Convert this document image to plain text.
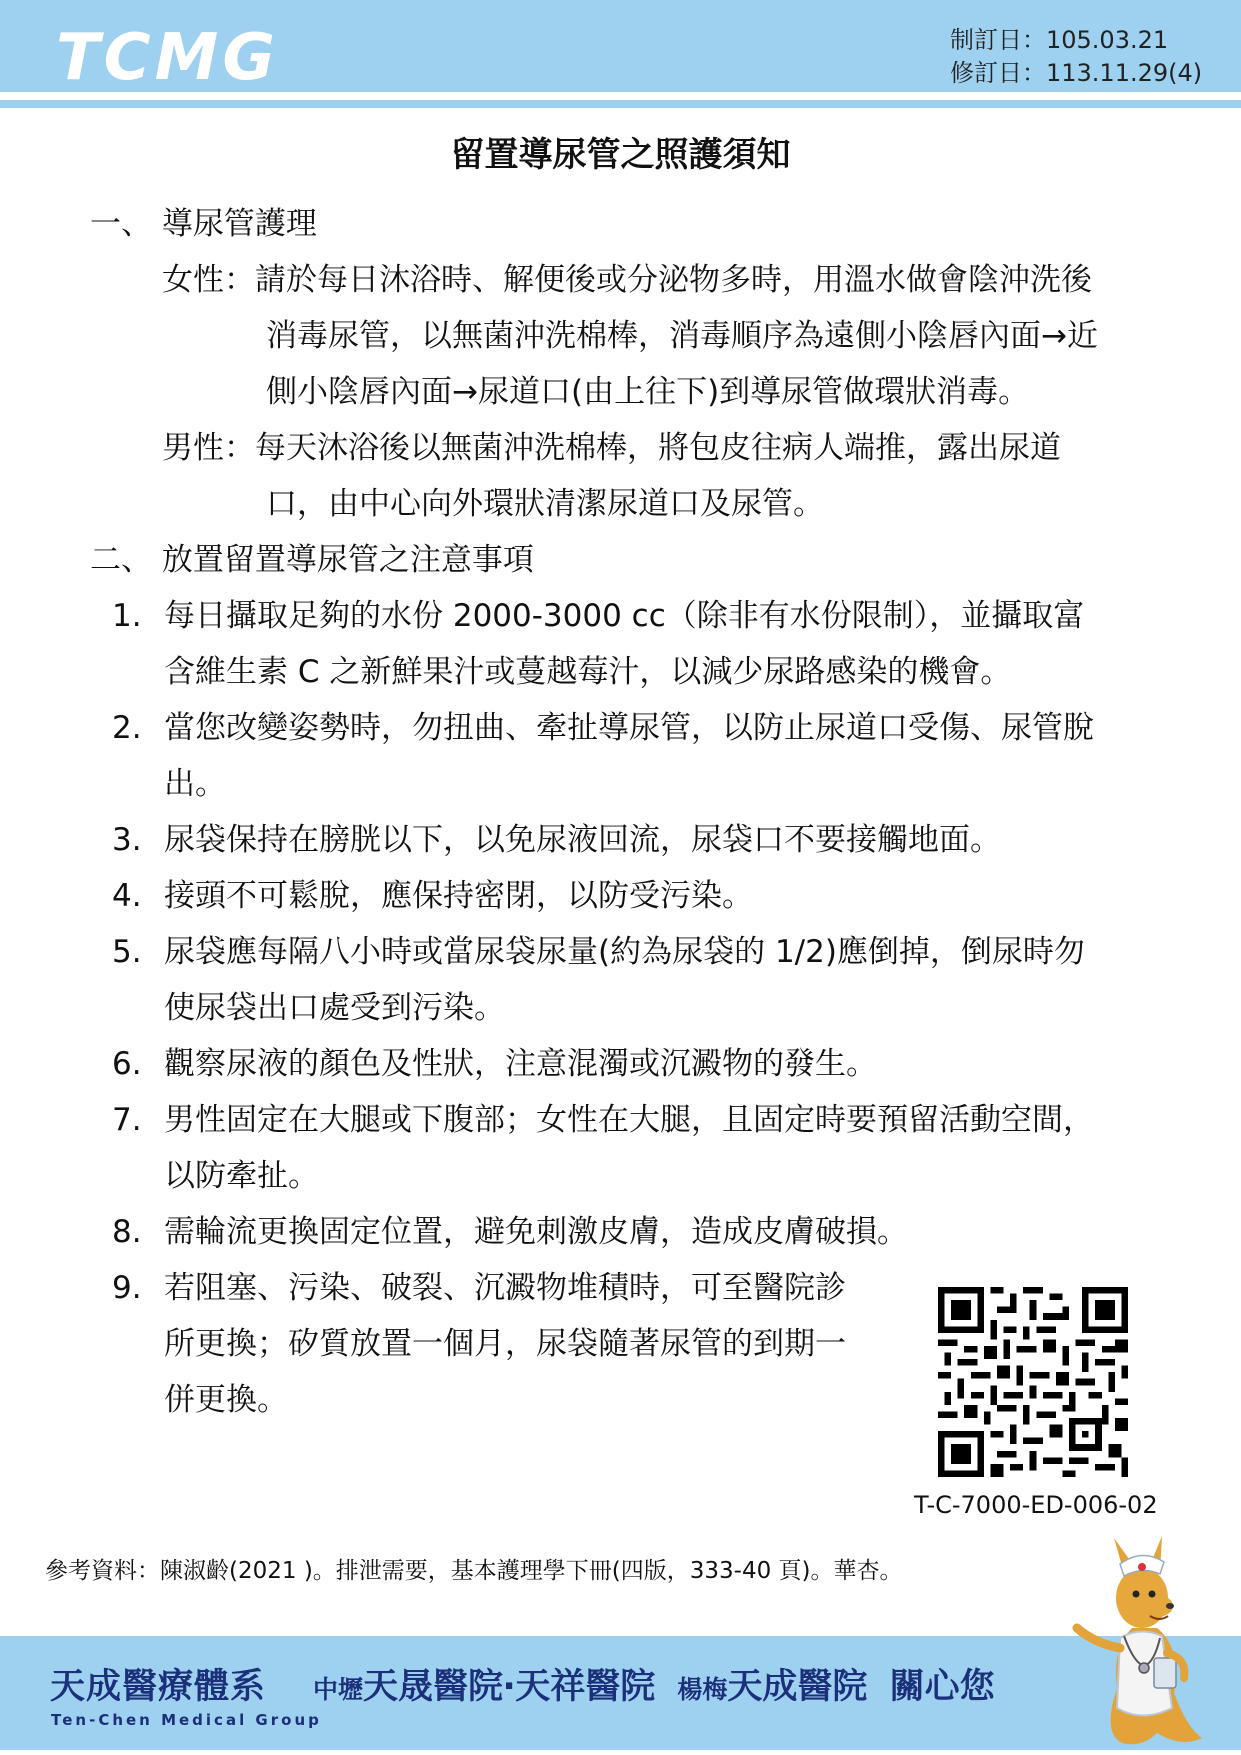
TCMG	制訂日：105.03.21
修訂日：113.11.29(4)
留置導尿管之照護須知
一、 導尿管護理
女性：請於每日沐浴時、解便後或分泌物多時，用溫水做會陰沖洗後
消毒尿管，以無菌沖洗棉棒，消毒順序為遠側小陰唇內面→近
側小陰唇內面→尿道口(由上往下)到導尿管做環狀消毒。
男性：每天沐浴後以無菌沖洗棉棒，將包皮往病人端推，露出尿道
口，由中心向外環狀清潔尿道口及尿管。
二、 放置留置導尿管之注意事項
1. 每日攝取足夠的水份 2000-3000 cc（除非有水份限制），並攝取富
含維生素 C 之新鮮果汁或蔓越莓汁，以減少尿路感染的機會。
2. 當您改變姿勢時，勿扭曲、牽扯導尿管，以防止尿道口受傷、尿管脫
出。
3. 尿袋保持在膀胱以下，以免尿液回流，尿袋口不要接觸地面。
4. 接頭不可鬆脫，應保持密閉，以防受污染。
5. 尿袋應每隔八小時或當尿袋尿量(約為尿袋的 1/2)應倒掉，倒尿時勿
使尿袋出口處受到污染。
6. 觀察尿液的顏色及性狀，注意混濁或沉澱物的發生。
7. 男性固定在大腿或下腹部；女性在大腿，且固定時要預留活動空間，
以防牽扯。
8. 需輪流更換固定位置，避免刺激皮膚，造成皮膚破損。
9. 若阻塞、污染、破裂、沉澱物堆積時，可至醫院診
所更換；矽質放置一個月，尿袋隨著尿管的到期一
併更換。
T-C-7000-ED-006-02
參考資料：陳淑齡(2021 )。排泄需要，基本護理學下冊(四版，333-40 頁)。華杏。
天成醫療體系
Ten-Chen Medical Group
中壢天晟醫院‧天祥醫院 楊梅天成醫院 關心您
